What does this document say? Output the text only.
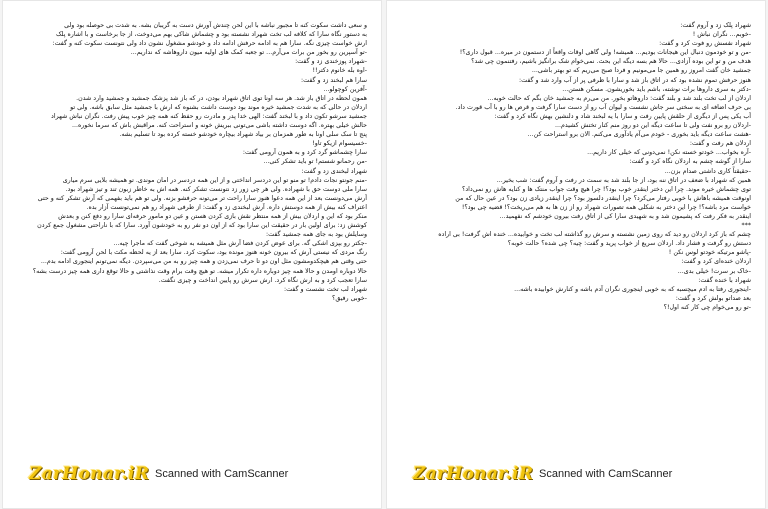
و سعی داشت سکوت کنه تا مجبور نباشه با این لحن چندش آورش دست به گریبان بشه. به شدت بی حوصله بود ولی
به دستور نگاه سارا که کلافه لب تخت شهراد نشسته بود و چشماش شاکی بهم می‌دوخت، از جا برخاست و با اشاره پلک
ارش خواست چیزی نگه. سارا هم به ادامه حرفش ادامه داد و خودشو مشغول نشون داد ولی نتونست سکوت کنه و گفت:
-تو آسپرین رو بخور من برات می‌آرم... تو جعبه کمک های اولیه میون داروهاشه که نداریم...
-شهراد پوزخندی زد و گفت:
-اوه بله خانوم دکتر!!
سارا هم لبخند زد و گفت:
-آفرین کوچولو...
همون لحظه در اتاق باز شد. هر سه اونا توی اتاق شهراد بودن، در که باز شد پزشک جمشید و جمشید وارد شدن.
اردلان در حالی که به شدت جمشید خیره موند بود دوست داشت بشنوه که ارش با جمشید مثل سابق باشه. ولی تو
جمشید سرشو تکون داد و با لبخند گفت: الهی خدا پدر و مادرت رو حفظ کنه همه چیز خوب پیش رفت. نگران نباش شهراد
حالش خیلی بهتره. اگه دوست داشته باشی می‌تونی ببریش خونه و استراحت کنه. مراقبش باش که سرما نخوره...
پنج تا سک سلی اونا به طور همزمان بر بیاد شهراد بیچاره خودشو خسته کرده بود تا تسلیم بشه.
-خسیسوام ازیکو تاو!
سارا چشماشو گرد کرد و به همون آرومی گفت:
-من رحمانو شستم! تو باید تشکر کنی...
شهراد لبخندی زد و گفت:
-منم جونتو نجات دادم! تو منو تو این دردسر انداختی و از این همه دردسر در امان موندی. تو همیشه بلایی سرم میاری
سارا ملی دوست حق با شهراده. ولی هر چی زور زد نتونست تشکر کنه. همه اش به خاطر زبون تند و تیز شهراد بود.
آرش می‌دونست بعد از این همه دعوا هنوز سارا راحت تر می‌تونه حرفشو بزنه. ولی تو هم باید بفهمی که آرش تشکر کنه و حتی
اعتراف کنه بیش از همه دوستش داره. آرش لبخندی زد و گفت: از طرفی شهراد رو هم نمی‌تونست آزار بده.
منکر بود که این و اردلان بیش از همه منتظر نقش بازی کردن هستن و عین دو مامور حرفه‌ای سارا رو دفع کنن و بعدش
کوشش زد: برای اولین بار در حقیقت این سارا بود که از اون دو نفر رو به خودشون آورد. سارا که با ناراحتی مشغول جمع کردن
وسایلش بود به جای همه جمشید گفت:
-جکتر رو بپزی اشکی گه. برای عوض کردن فضا آرش مثل همیشه به شوخی گفت که ماجرا چیه...
رنگ مردی که نیستی آرش که بیرون خونه هنوز مونده بود، سکوت کرد. سارا بعد از یه لحظه مکث با لحن آرومی گفت:
حتی وقتی هم هیچکدومشون مثل اون دو تا حرف نمی‌زدن و همه چیز رو به من می‌سپردن. دیگه نمی‌تونم اینجوری ادامه بدم...
حالا دوباره اومدن و حالا همه چیز دوباره داره تکرار میشه. تو هیچ وقت برام وقت نذاشتی و حالا توقع داری همه چیز درست بشه؟
سارا تعجب کرد و به ارش نگاه کرد. ارش سرش رو پایین انداخت و چیزی نگفت.
شهراد لب تخت نشست و گفت:
-خوبی رفیق؟
ZarHonar.iR Scanned with CamScanner
شهراد پلک زد و آروم گفت:
-خوبم... نگران نباش !
شهراد نفسش رو فوت کرد و گفت:
-من و تو خودمون دنبال این هیجانات بودیم... همیشه! ولی گاهی اوقات واقعاً از دستمون در میره... قبول داری؟!
هدف من و تو این بوده آزادی... حالا هم بسه دیگه این بحث. نمی‌خوام شک برانگیز باشیم، رفتنمون چی شد؟
جمشید خان گفت امروز رو همین جا می‌مونیم و فردا صبح می‌ریم که تو بهتر باشی...
هنوز حرفش تموم نشده بود که در اتاق باز شد و سارا با ظرفی پر از آب وارد شد و گفت:
-دکتر به سری داروها برات نوشته، باشم باید بخوریشون. مسکن هستن...
اردلان از لب تخت بلند شد و بلند گفت: داروهاتو بخور. من می‌رم به جمشید خان بگم که حالت خوبه...
بی حرف اضافه ای به سختی سر جاش نشست و لیوان آب رو از دست سارا گرفت و قرص ها رو با آب قورت داد.
آب یکی پس از دیگری از حلقش پایین رفت و سارا با یه لبخند شاد و دلنشین بهش نگاه کرد و گفت:
-اردلان رو برو نفت ولی تا ساعت دیگه این دو روز منم کنار تختش کشیدم...
-هشت ساعت دیگه باید بخوری - خودم می‌آم یادآوری می‌کنم. الان برو استراحت کن...
اردلان هم رفت و گفت:
-آره بخواب... خودتو خسته نکن! نمی‌دونی که خیلی کار داریم...
سارا از گوشه چشم به اردلان نگاه کرد و گفت:
-حقیقتاً کاری داشتی صدام بزن...
همین که شهراد با ضعف در اتاق ننه بود، از جا بلند شد به سمت در رفت و آروم گفت: شب بخیر...
توی چشماش خیره موند. چرا این دختر اینقدر خوب بود؟! چرا هیچ وقت جواب منتک ها و کنایه هاش رو نمی‌داد؟
اونوقت همیشه باهاش با خوبی رفتار می‌کرد؟ چرا اینقدر دلسوز بود؟ چرا اینقدر زیادی زن بود؟ در عین حال که من
خواست مرد باشه؟! چرا این دختر به شکلی همه تصورات شهراد رو از زن ها به هم می‌ریخت؟! قضیه چی بود؟!
اینقدر به فکر رفت که پشیمون شد و به شهیدی سارا کی از اتاق رفت بیرون خودشم که نفهمید...
***
چشم که باز کرد اردلان رو دید که روی زمین نشسته و سرش رو گذاشته لب تخت و خوابیده... خنده اش گرفت! بی اراده
دستش رو گرفت و فشار داد. اردلان سریع از خواب پرید و گفت: چیه؟ چی شده؟ حالت خوبه؟
-پاشو مرتیکه خودتو لوس نکن !
اردلان خنده‌ای کرد و گفت:
-خاک بر سرت! خیلی بدی...
شهراد با خنده گفت:
-اینجوری رفتا به ادم میچسبه که به خوبی اینجوری نگران آدم باشه و کنارش خوابیده باشه...
بعد صدا‌تو بولش کرد و گفت:
-تو رو می‌خوام چی کار کنه اول!؟
ZarHonar.iR Scanned with CamScanner
